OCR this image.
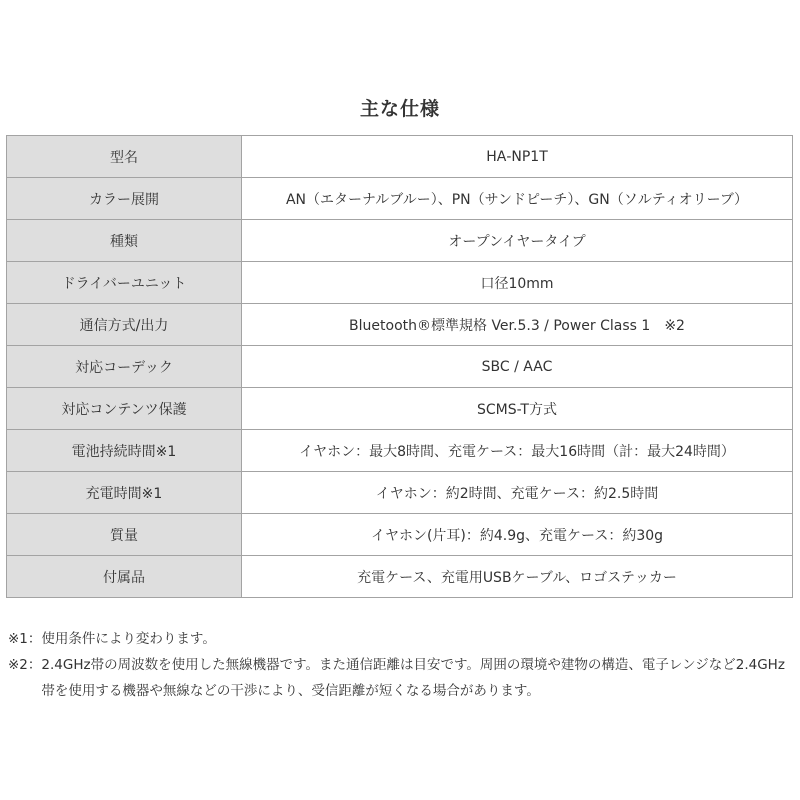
主な仕様
型名	HA‐NP1T
カラー展開	AN（エターナルブルー）、PN（サンドピーチ）、GN（ソルティオリーブ）
種類	オープンイヤータイプ
ドライバーユニット	口径10mm
通信方式/出力	Bluetooth®標準規格 Ver.5.3 / Power Class 1　※2
対応コーデック	SBC / AAC
対応コンテンツ保護	SCMS-T方式
電池持続時間※1	イヤホン：最大8時間、充電ケース：最大16時間（計：最大24時間）
充電時間※1	イヤホン：約2時間、充電ケース：約2.5時間
質量	イヤホン(片耳)：約4.9g、充電ケース：約30g
付属品	充電ケース、充電用USBケーブル、ロゴステッカー
※1： 使用条件により変わります。
※2： 2.4GHz帯の周波数を使用した無線機器です。また通信距離は目安です。周囲の環境や建物の構造、電子レンジなど2.4GHz帯を使用する機器や無線などの干渉により、受信距離が短くなる場合があります。
